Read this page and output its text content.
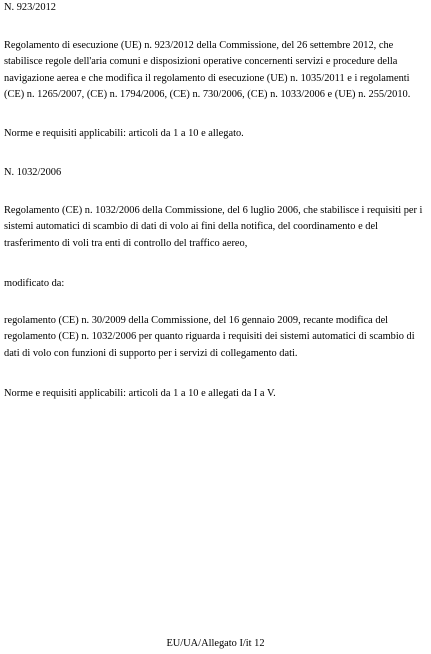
N. 923/2012

Regolamento di esecuzione (UE) n. 923/2012 della Commissione, del 26 settembre 2012, che stabilisce regole dell'aria comuni e disposizioni operative concernenti servizi e procedure della navigazione aerea e che modifica il regolamento di esecuzione (UE) n. 1035/2011 e i regolamenti (CE) n. 1265/2007, (CE) n. 1794/2006, (CE) n. 730/2006, (CE) n. 1033/2006 e (UE) n. 255/2010.

Norme e requisiti applicabili: articoli da 1 a 10 e allegato.

N. 1032/2006

Regolamento (CE) n. 1032/2006 della Commissione, del 6 luglio 2006, che stabilisce i requisiti per i sistemi automatici di scambio di dati di volo ai fini della notifica, del coordinamento e del trasferimento di voli tra enti di controllo del traffico aereo,

modificato da:

regolamento (CE) n. 30/2009 della Commissione, del 16 gennaio 2009, recante modifica del regolamento (CE) n. 1032/2006 per quanto riguarda i requisiti dei sistemi automatici di scambio di dati di volo con funzioni di supporto per i servizi di collegamento dati.

Norme e requisiti applicabili: articoli da 1 a 10 e allegati da I a V.

EU/UA/Allegato I/it 12
